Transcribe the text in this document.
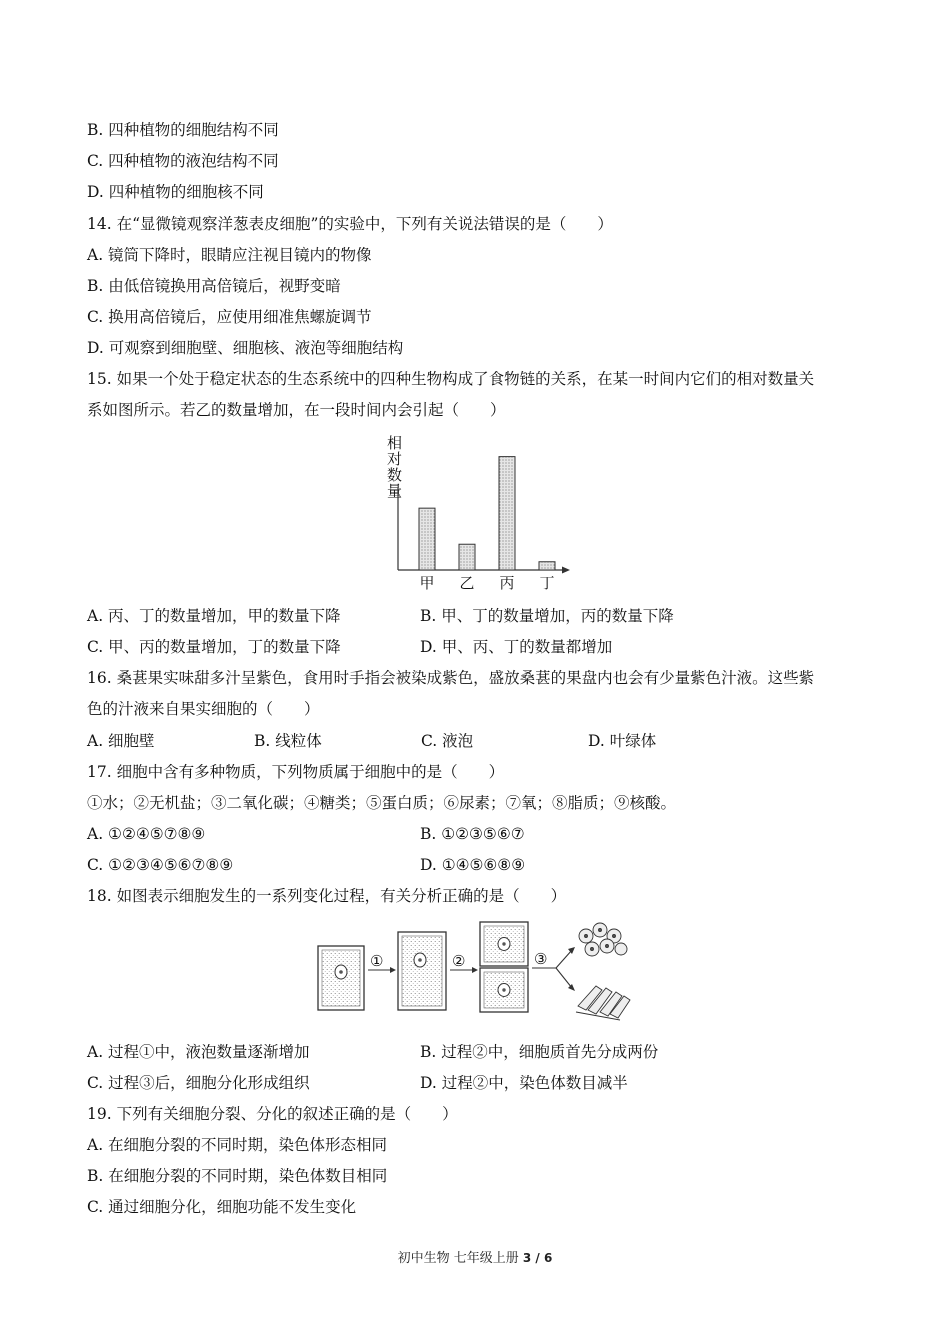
B. 四种植物的细胞结构不同
C. 四种植物的液泡结构不同
D. 四种植物的细胞核不同
14. 在“显微镜观察洋葱表皮细胞”的实验中，下列有关说法错误的是（　　）
A. 镜筒下降时，眼睛应注视目镜内的物像
B. 由低倍镜换用高倍镜后，视野变暗
C. 换用高倍镜后，应使用细准焦螺旋调节
D. 可观察到细胞壁、细胞核、液泡等细胞结构
15. 如果一个处于稳定状态的生态系统中的四种生物构成了食物链的关系，在某一时间内它们的相对数量关
系如图所示。若乙的数量增加，在一段时间内会引起（　　）
相对数量
甲 乙 丙 丁
A. 丙、丁的数量增加，甲的数量下降	B. 甲、丁的数量增加，丙的数量下降
C. 甲、丙的数量增加，丁的数量下降	D. 甲、丙、丁的数量都增加
16. 桑葚果实味甜多汁呈紫色，食用时手指会被染成紫色，盛放桑葚的果盘内也会有少量紫色汁液。这些紫
色的汁液来自果实细胞的（　　）
A. 细胞壁	B. 线粒体	C. 液泡	D. 叶绿体
17. 细胞中含有多种物质，下列物质属于细胞中的是（　　）
①水；②无机盐；③二氧化碳；④糖类；⑤蛋白质；⑥尿素；⑦氧；⑧脂质；⑨核酸。
A. ①②④⑤⑦⑧⑨	B. ①②③⑤⑥⑦
C. ①②③④⑤⑥⑦⑧⑨	D. ①④⑤⑥⑧⑨
18. 如图表示细胞发生的一系列变化过程，有关分析正确的是（　　）
①	②	③
A. 过程①中，液泡数量逐渐增加	B. 过程②中，细胞质首先分成两份
C. 过程③后，细胞分化形成组织	D. 过程②中，染色体数目减半
19. 下列有关细胞分裂、分化的叙述正确的是（　　）
A. 在细胞分裂的不同时期，染色体形态相同
B. 在细胞分裂的不同时期，染色体数目相同
C. 通过细胞分化，细胞功能不发生变化
初中生物 七年级上册 3 / 6
